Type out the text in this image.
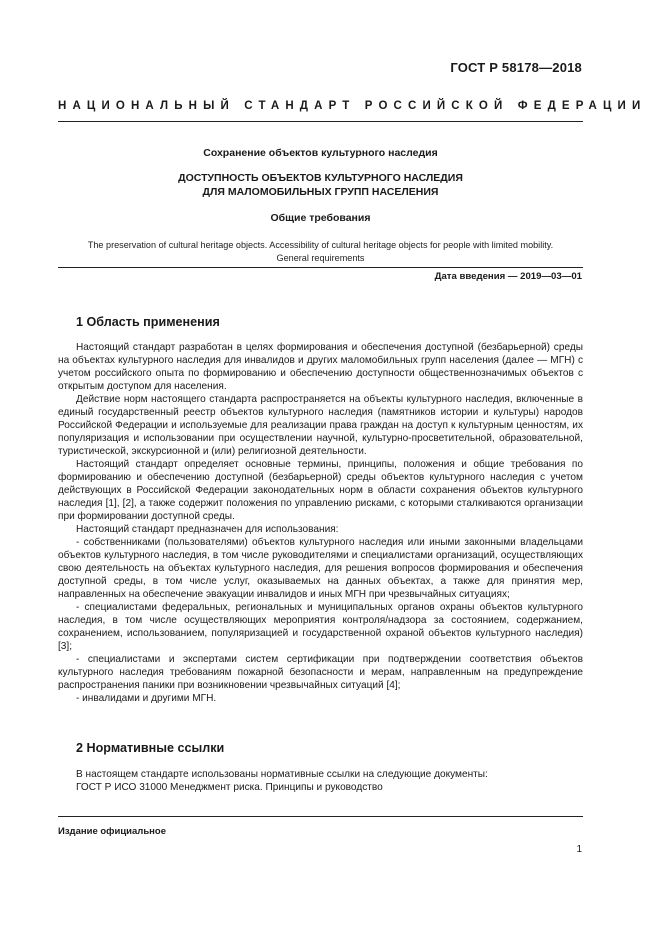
ГОСТ Р 58178—2018
НАЦИОНАЛЬНЫЙ СТАНДАРТ РОССИЙСКОЙ ФЕДЕРАЦИИ
Сохранение объектов культурного наследия
ДОСТУПНОСТЬ ОБЪЕКТОВ КУЛЬТУРНОГО НАСЛЕДИЯ
ДЛЯ МАЛОМОБИЛЬНЫХ ГРУПП НАСЕЛЕНИЯ
Общие требования
The preservation of cultural heritage objects. Accessibility of cultural heritage objects for people with limited mobility.
General requirements
Дата введения — 2019—03—01
1 Область применения

Настоящий стандарт разработан в целях формирования и обеспечения доступной (безбарьерной) среды на объектах культурного наследия для инвалидов и других маломобильных групп населения (далее — МГН) с учетом российского опыта по формированию и обеспечению доступности общественнозначимых объектов с открытым доступом для населения.

Действие норм настоящего стандарта распространяется на объекты культурного наследия, включенные в единый государственный реестр объектов культурного наследия (памятников истории и культуры) народов Российской Федерации и используемые для реализации права граждан на доступ к культурным ценностям, их популяризация и использовании при осуществлении научной, культурно-просветительной, образовательной, туристической, экскурсионной и (или) религиозной деятельности.

Настоящий стандарт определяет основные термины, принципы, положения и общие требования по формированию и обеспечению доступной (безбарьерной) среды объектов культурного наследия с учетом действующих в Российской Федерации законодательных норм в области сохранения объектов культурного наследия [1], [2], а также содержит положения по управлению рисками, с которыми сталкиваются организации при формировании доступной среды.

Настоящий стандарт предназначен для использования:

- собственниками (пользователями) объектов культурного наследия или иными законными владельцами объектов культурного наследия, в том числе руководителями и специалистами организаций, осуществляющих свою деятельность на объектах культурного наследия, для решения вопросов формирования и обеспечения доступной среды, в том числе услуг, оказываемых на данных объектах, а также для принятия мер, направленных на обеспечение эвакуации инвалидов и иных МГН при чрезвычайных ситуациях;

- специалистами федеральных, региональных и муниципальных органов охраны объектов культурного наследия, в том числе осуществляющих мероприятия контроля/надзора за состоянием, содержанием, сохранением, использованием, популяризацией и государственной охраной объектов культурного наследия) [3];

- специалистами и экспертами систем сертификации при подтверждении соответствия объектов культурного наследия требованиям пожарной безопасности и мерам, направленным на предупреждение распространения паники при возникновении чрезвычайных ситуаций [4];

- инвалидами и другими МГН.

2 Нормативные ссылки

В настоящем стандарте использованы нормативные ссылки на следующие документы:

ГОСТ Р ИСО 31000 Менеджмент риска. Принципы и руководство

Издание официальное
1
